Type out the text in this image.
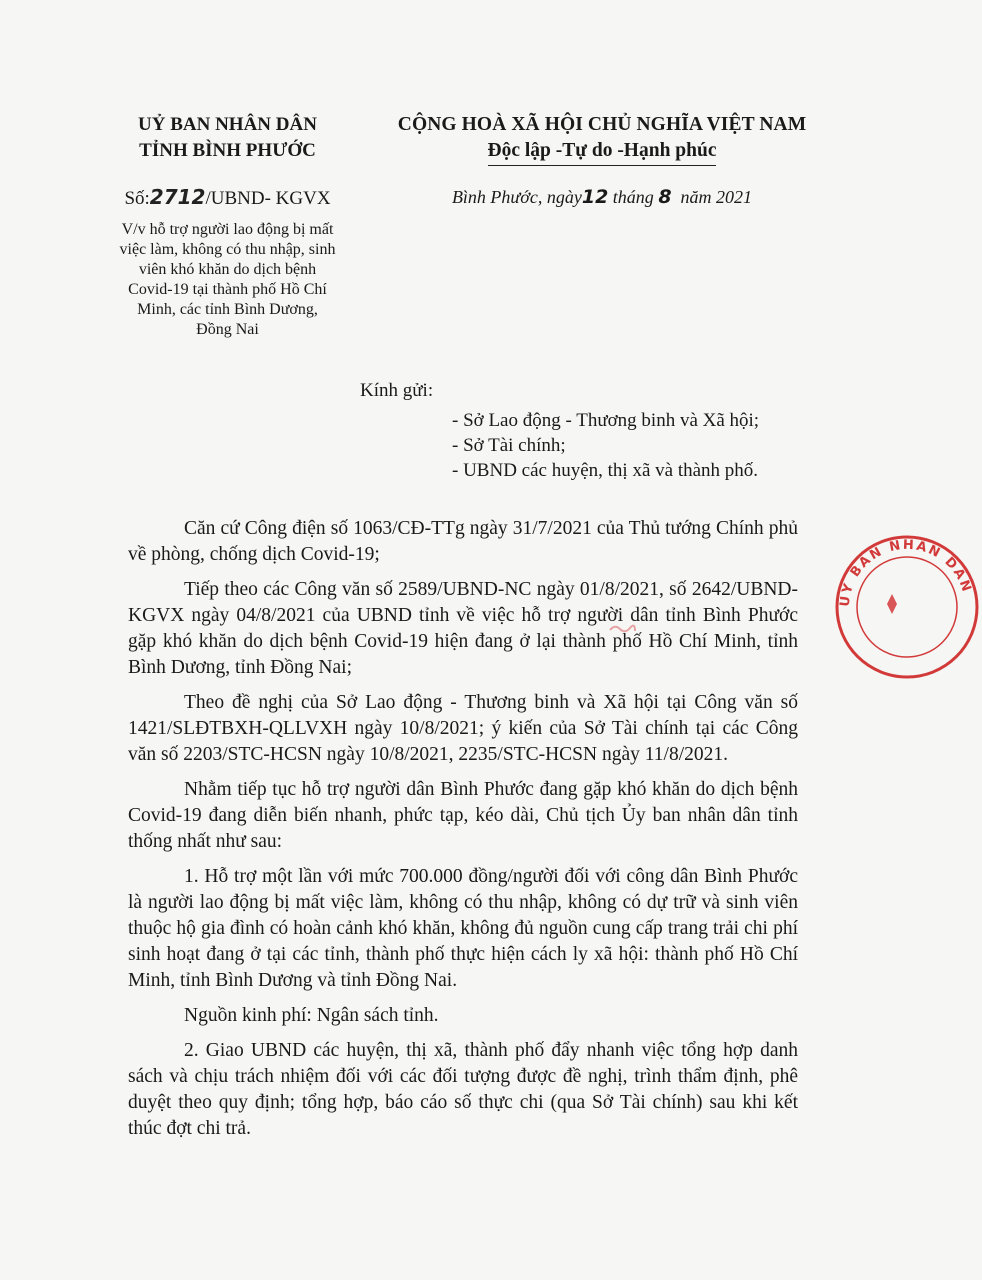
UỶ BAN NHÂN DÂN
TỈNH BÌNH PHƯỚC
Số:2712/UBND- KGVX
V/v hỗ trợ người lao động bị mất việc làm, không có thu nhập, sinh viên khó khăn do dịch bệnh Covid-19 tại thành phố Hồ Chí Minh, các tỉnh Bình Dương, Đồng Nai
CỘNG HOÀ XÃ HỘI CHỦ NGHĨA VIỆT NAM
Độc lập -Tự do -Hạnh phúc
Bình Phước, ngày12 tháng 8 năm 2021
Kính gửi:
- Sở Lao động - Thương binh và Xã hội;
- Sở Tài chính;
- UBND các huyện, thị xã và thành phố.

Căn cứ Công điện số 1063/CĐ-TTg ngày 31/7/2021 của Thủ tướng Chính phủ về phòng, chống dịch Covid-19;

Tiếp theo các Công văn số 2589/UBND-NC ngày 01/8/2021, số 2642/UBND-KGVX ngày 04/8/2021 của UBND tỉnh về việc hỗ trợ người dân tỉnh Bình Phước gặp khó khăn do dịch bệnh Covid-19 hiện đang ở lại thành phố Hồ Chí Minh, tỉnh Bình Dương, tỉnh Đồng Nai;

Theo đề nghị của Sở Lao động - Thương binh và Xã hội tại Công văn số 1421/SLĐTBXH-QLLVXH ngày 10/8/2021; ý kiến của Sở Tài chính tại các Công văn số 2203/STC-HCSN ngày 10/8/2021, 2235/STC-HCSN ngày 11/8/2021.

Nhằm tiếp tục hỗ trợ người dân Bình Phước đang gặp khó khăn do dịch bệnh Covid-19 đang diễn biến nhanh, phức tạp, kéo dài, Chủ tịch Ủy ban nhân dân tỉnh thống nhất như sau:

1. Hỗ trợ một lần với mức 700.000 đồng/người đối với công dân Bình Phước là người lao động bị mất việc làm, không có thu nhập, không có dự trữ và sinh viên thuộc hộ gia đình có hoàn cảnh khó khăn, không đủ nguồn cung cấp trang trải chi phí sinh hoạt đang ở tại các tỉnh, thành phố thực hiện cách ly xã hội: thành phố Hồ Chí Minh, tỉnh Bình Dương và tỉnh Đồng Nai.

Nguồn kinh phí: Ngân sách tỉnh.

2. Giao UBND các huyện, thị xã, thành phố đẩy nhanh việc tổng hợp danh sách và chịu trách nhiệm đối với các đối tượng được đề nghị, trình thẩm định, phê duyệt theo quy định; tổng hợp, báo cáo số thực chi (qua Sở Tài chính) sau khi kết thúc đợt chi trả.

ỦY BAN NHÂN DÂN
